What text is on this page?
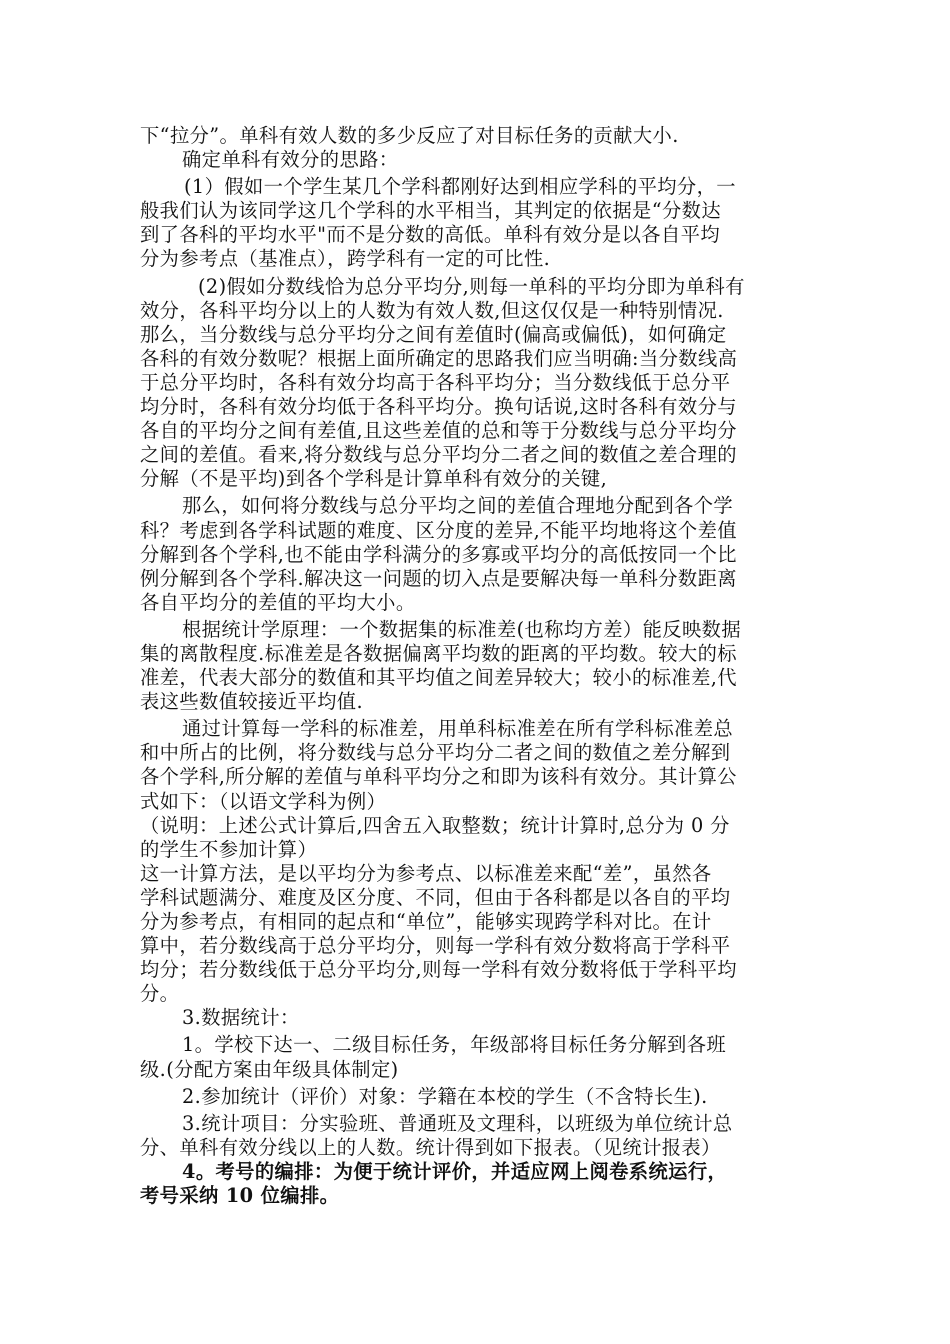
下“拉分”。单科有效人数的多少反应了对目标任务的贡献大小.
确定单科有效分的思路：
(1）假如一个学生某几个学科都刚好达到相应学科的平均分，一
般我们认为该同学这几个学科的水平相当，其判定的依据是“分数达
到了各科的平均水平"而不是分数的高低。单科有效分是以各自平均
分为参考点（基准点），跨学科有一定的可比性.
(2)假如分数线恰为总分平均分,则每一单科的平均分即为单科有
效分，各科平均分以上的人数为有效人数,但这仅仅是一种特别情况.
那么，当分数线与总分平均分之间有差值时(偏高或偏低)，如何确定
各科的有效分数呢？根据上面所确定的思路我们应当明确:当分数线高
于总分平均时，各科有效分均高于各科平均分；当分数线低于总分平
均分时，各科有效分均低于各科平均分。换句话说,这时各科有效分与
各自的平均分之间有差值,且这些差值的总和等于分数线与总分平均分
之间的差值。看来,将分数线与总分平均分二者之间的数值之差合理的
分解（不是平均)到各个学科是计算单科有效分的关键,
那么，如何将分数线与总分平均之间的差值合理地分配到各个学
科？考虑到各学科试题的难度、区分度的差异,不能平均地将这个差值
分解到各个学科,也不能由学科满分的多寡或平均分的高低按同一个比
例分解到各个学科.解决这一问题的切入点是要解决每一单科分数距离
各自平均分的差值的平均大小。
根据统计学原理：一个数据集的标准差(也称均方差）能反映数据
集的离散程度.标准差是各数据偏离平均数的距离的平均数。较大的标
准差，代表大部分的数值和其平均值之间差异较大；较小的标准差,代
表这些数值较接近平均值.
通过计算每一学科的标准差，用单科标准差在所有学科标准差总
和中所占的比例，将分数线与总分平均分二者之间的数值之差分解到
各个学科,所分解的差值与单科平均分之和即为该科有效分。其计算公
式如下：（以语文学科为例）
（说明：上述公式计算后,四舍五入取整数；统计计算时,总分为 0 分
的学生不参加计算）
这一计算方法，是以平均分为参考点、以标准差来配“差”，虽然各
学科试题满分、难度及区分度、不同，但由于各科都是以各自的平均
分为参考点，有相同的起点和“单位”，能够实现跨学科对比。在计
算中，若分数线高于总分平均分，则每一学科有效分数将高于学科平
均分；若分数线低于总分平均分,则每一学科有效分数将低于学科平均
分。
3.数据统计：
1。学校下达一、二级目标任务，年级部将目标任务分解到各班
级.(分配方案由年级具体制定)
2.参加统计（评价）对象：学籍在本校的学生（不含特长生).
3.统计项目：分实验班、普通班及文理科，以班级为单位统计总
分、单科有效分线以上的人数。统计得到如下报表。（见统计报表）
4。考号的编排：为便于统计评价，并适应网上阅卷系统运行，
考号采纳 10 位编排。
